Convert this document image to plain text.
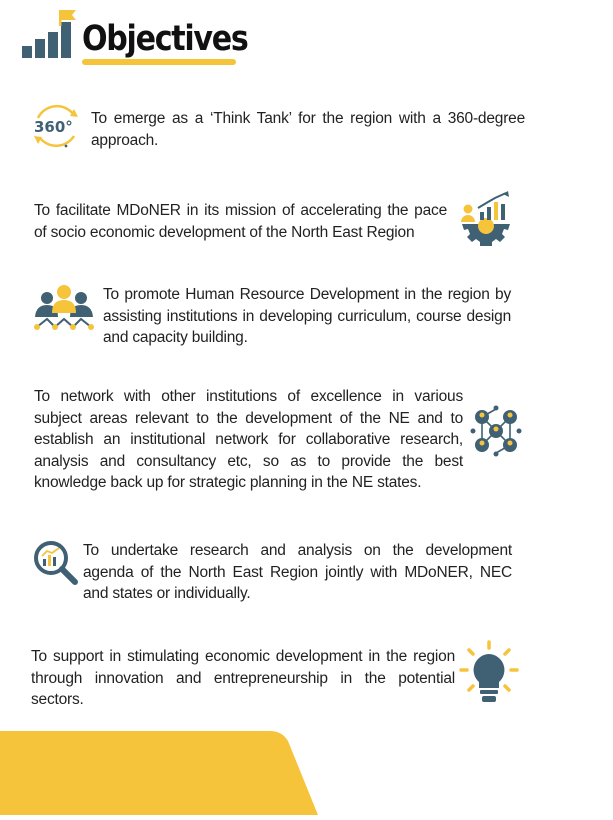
Objectives
360° To emerge as a ‘Think Tank’ for the region with a 360-degree approach.
To facilitate MDoNER in its mission of accelerating the pace of socio economic development of the North East Region
To promote Human Resource Development in the region by assisting institutions in developing curriculum, course design and capacity building.
To network with other institutions of excellence in various subject areas relevant to the development of the NE and to establish an institutional network for collaborative research, analysis and consultancy etc, so as to provide the best knowledge back up for strategic planning in the NE states.
To undertake research and analysis on the development agenda of the North East Region jointly with MDoNER, NEC and states or individually.
To support in stimulating economic development in the region through innovation and entrepreneurship in the potential sectors.
